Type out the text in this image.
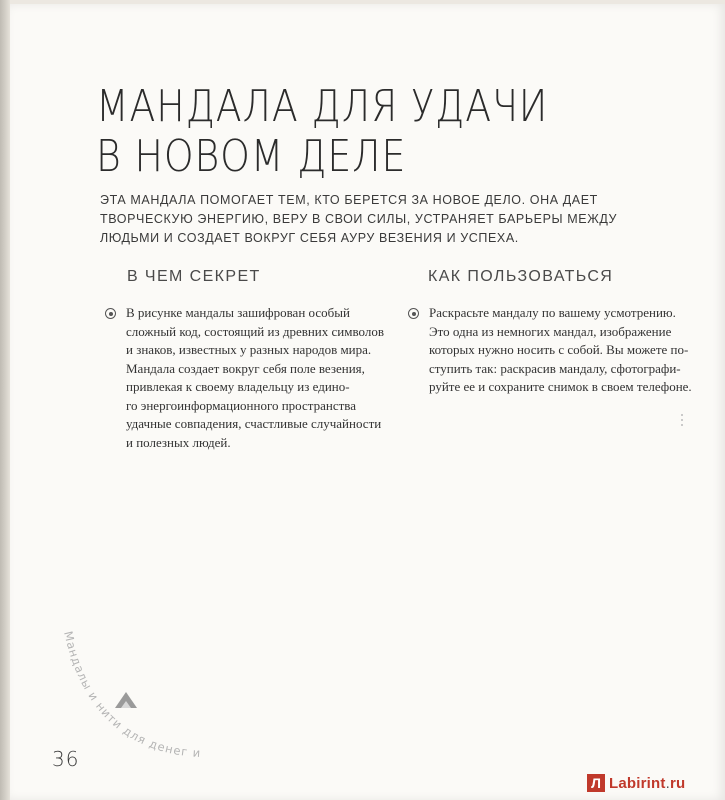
МАНДАЛА ДЛЯ УДАЧИ
В НОВОМ ДЕЛЕ
ЭТА МАНДАЛА ПОМОГАЕТ ТЕМ, КТО БЕРЕТСЯ ЗА НОВОЕ ДЕЛО. ОНА ДАЕТ ТВОРЧЕСКУЮ ЭНЕРГИЮ, ВЕРУ В СВОИ СИЛЫ, УСТРАНЯЕТ БАРЬЕРЫ МЕЖДУ ЛЮДЬМИ И СОЗДАЕТ ВОКРУГ СЕБЯ АУРУ ВЕЗЕНИЯ И УСПЕХА.
В ЧЕМ СЕКРЕТ	КАК ПОЛЬЗОВАТЬСЯ
В рисунке мандалы зашифрован особый
сложный код, состоящий из древних символов
и знаков, известных у разных народов мира.
Мандала создает вокруг себя поле везения,
привлекая к своему владельцу из едино-
го энергоинформационного пространства
удачные совпадения, счастливые случайности
и полезных людей.
Раскрасьте мандалу по вашему усмотрению.
Это одна из немногих мандал, изображение
которых нужно носить с собой. Вы можете по-
ступить так: раскрасив мандалу, сфотографи-
руйте ее и сохраните снимок в своем телефоне.
Мандалы и нити для денег и карьеры
36
Л Labirint.ru
